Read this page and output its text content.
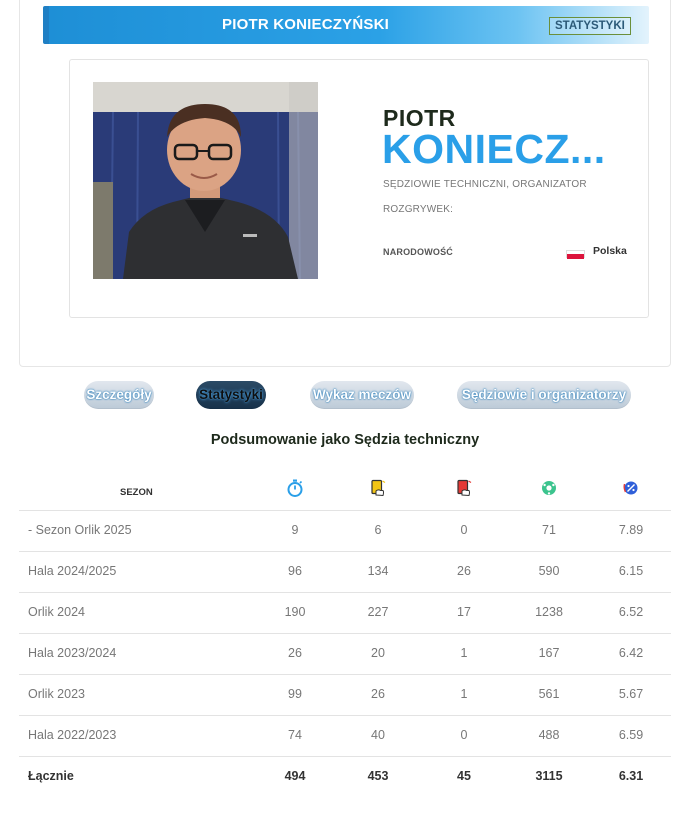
PIOTR KONIECZYŃSKI	STATYSTYKI
PIOTR
KONIECZ...
SĘDZIOWIE TECHNICZNI, ORGANIZATOR ROZGRYWEK:
NARODOWOŚĆ	Polska
Szczegóły	Statystyki	Wykaz meczów	Sędziowie i organizatorzy
Podsumowanie jako Sędzia techniczny
SEZON
- Sezon Orlik 2025	9	6	0	71	7.89
Hala 2024/2025	96	134	26	590	6.15
Orlik 2024	190	227	17	1238	6.52
Hala 2023/2024	26	20	1	167	6.42
Orlik 2023	99	26	1	561	5.67
Hala 2022/2023	74	40	0	488	6.59
Łącznie	494	453	45	3115	6.31
